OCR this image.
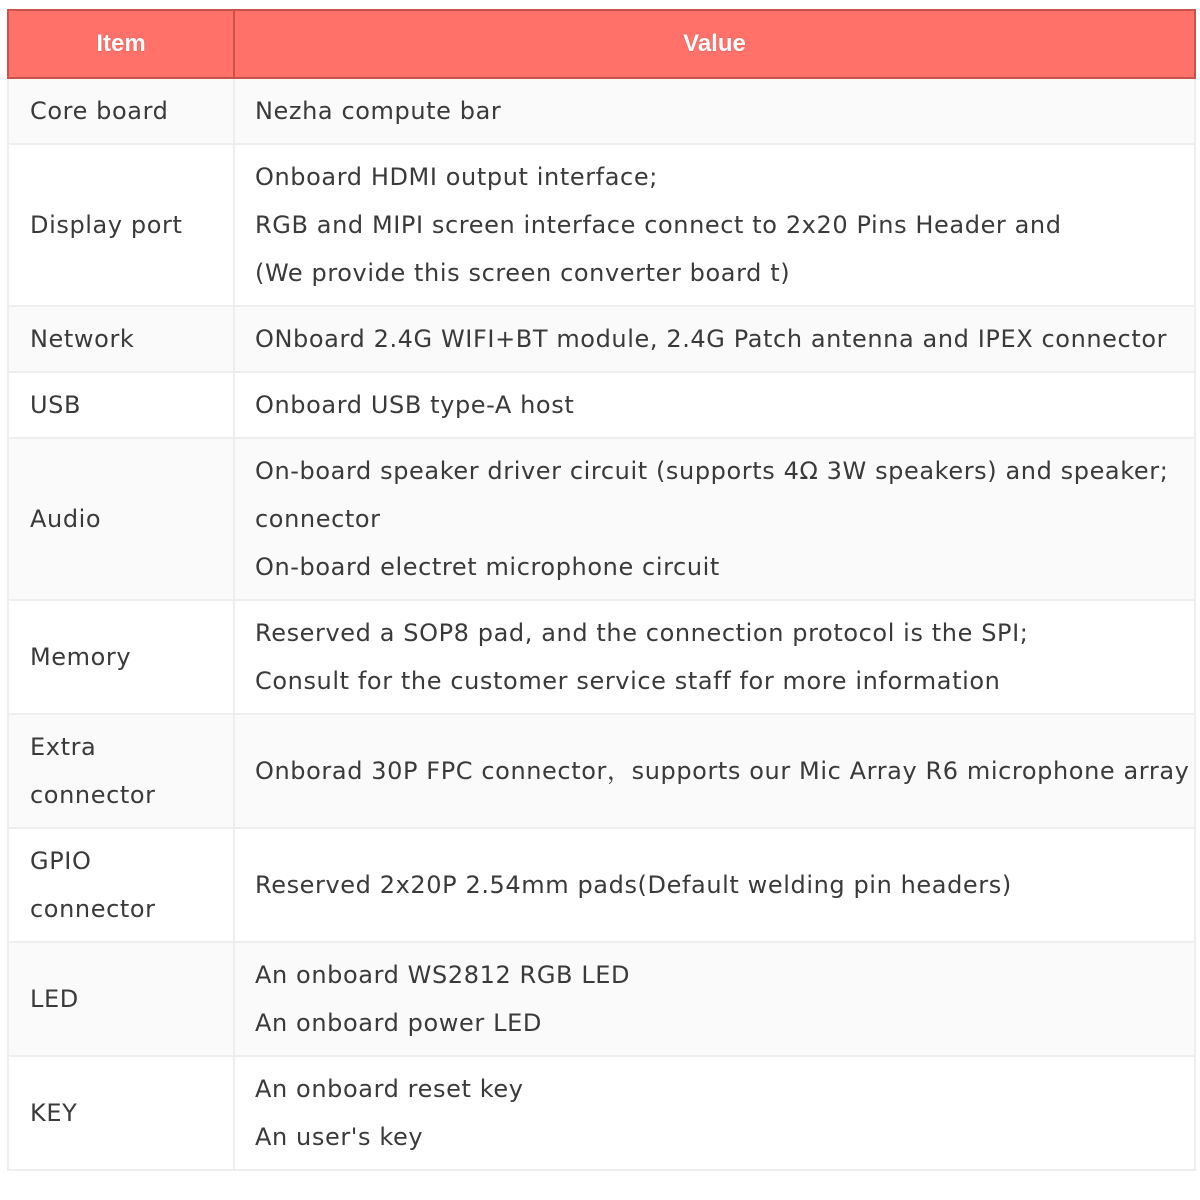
Item	Value

Core board	Nezha compute bar

Display port	Onboard HDMI output interface;
RGB and MIPI screen interface connect to 2x20 Pins Header and
(We provide this screen converter board t)

Network	ONboard 2.4G WIFI+BT module, 2.4G Patch antenna and IPEX connector

USB	Onboard USB type-A host

Audio	On-board speaker driver circuit (supports 4Ω 3W speakers) and speaker;
connector
On-board electret microphone circuit

Memory	Reserved a SOP8 pad, and the connection protocol is the SPI;
Consult for the customer service staff for more information

Extra
connector	Onborad 30P FPC connector，supports our Mic Array R6 microphone array

GPIO
connector	Reserved 2x20P 2.54mm pads(Default welding pin headers)

LED	An onboard WS2812 RGB LED
An onboard power LED

KEY	An onboard reset key
An user's key
